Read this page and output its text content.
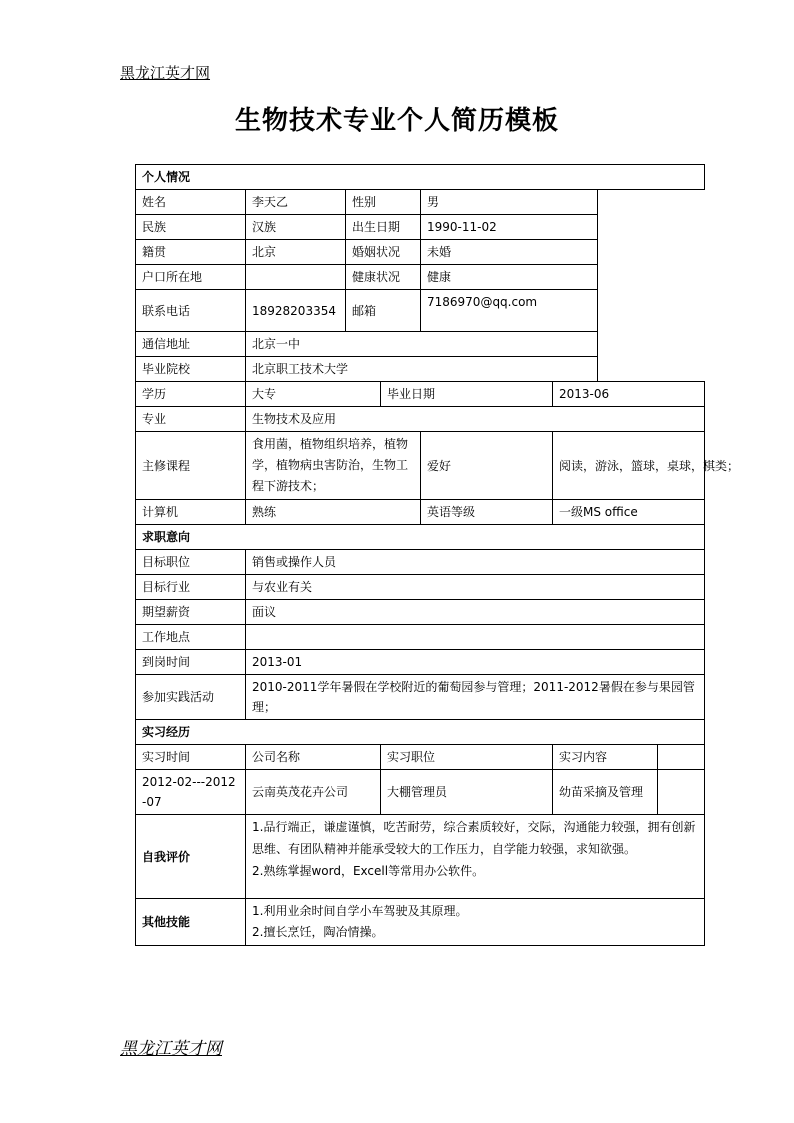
黑龙江英才网
生物技术专业个人简历模板
个人情况							
姓名	李天乙	性别		男			
民族	汉族	出生日期		1990-11-02			
籍贯	北京	婚姻状况		未婚			
户口所在地		健康状况		健康			
联系电话	18928203354	邮箱		7186970@qq.com			
通信地址	北京一中						
毕业院校	北京职工技术大学						
学历	大专		毕业日期		2013-06		
专业	生物技术及应用						
主修课程	食用菌，植物组织培养，植物学，植物病虫害防治，生物工程下游技术；			爱好	阅读，游泳，篮球，桌球，棋类；		
计算机	熟练			英语等级	一级MS office		
求职意向							
目标职位	销售或操作人员						
目标行业	与农业有关						
期望薪资	面议						
工作地点							
到岗时间	2013-01						
参加实践活动	2010-2011学年暑假在学校附近的葡萄园参与管理；2011-2012暑假在参与果园管理；						
实习经历							
实习时间	公司名称		实习职位		实习内容		
2012-02---2012-07	云南英茂花卉公司		大棚管理员		幼苗采摘及管理		
自我评价	1.品行端正，谦虚谨慎，吃苦耐劳，综合素质较好，交际，沟通能力较强，拥有创新思维、有团队精神并能承受较大的工作压力，自学能力较强，求知欲强。
2.熟练掌握word，Excell等常用办公软件。						

其他技能	1.利用业余时间自学小车驾驶及其原理。
2.擅长烹饪，陶冶情操。						
黑龙江英才网
